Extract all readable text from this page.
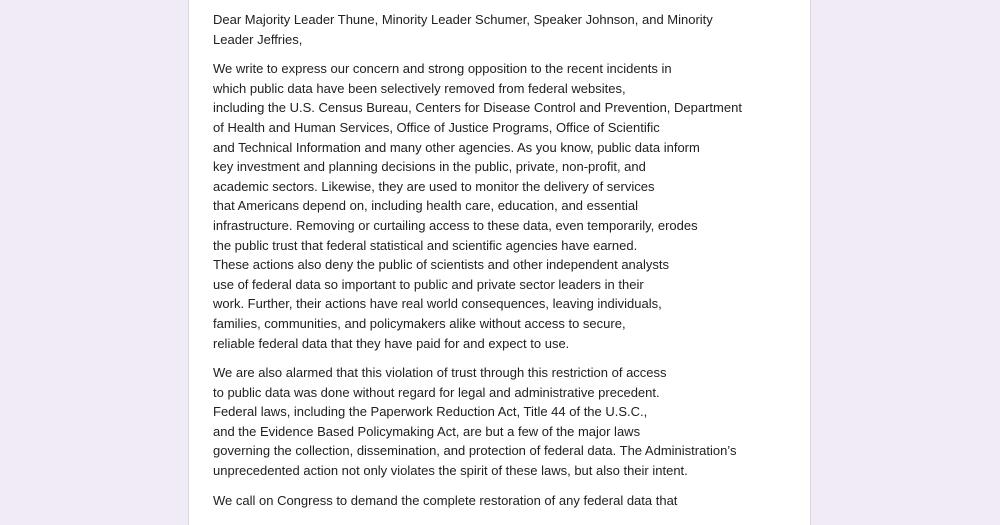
Dear Majority Leader Thune, Minority Leader Schumer, Speaker Johnson, and Minority
Leader Jeffries,

We write to express our concern and strong opposition to the recent incidents in
which public data have been selectively removed from federal websites,
including the U.S. Census Bureau, Centers for Disease Control and Prevention, Department
of Health and Human Services, Office of Justice Programs, Office of Scientific
and Technical Information and many other agencies. As you know, public data inform
key investment and planning decisions in the public, private, non-profit, and
academic sectors. Likewise, they are used to monitor the delivery of services
that Americans depend on, including health care, education, and essential
infrastructure. Removing or curtailing access to these data, even temporarily, erodes
the public trust that federal statistical and scientific agencies have earned.
These actions also deny the public of scientists and other independent analysts
use of federal data so important to public and private sector leaders in their
work. Further, their actions have real world consequences, leaving individuals,
families, communities, and policymakers alike without access to secure,
reliable federal data that they have paid for and expect to use.

We are also alarmed that this violation of trust through this restriction of access
to public data was done without regard for legal and administrative precedent.
Federal laws, including the Paperwork Reduction Act, Title 44 of the U.S.C.,
and the Evidence Based Policymaking Act, are but a few of the major laws
governing the collection, dissemination, and protection of federal data. The Administration’s
unprecedented action not only violates the spirit of these laws, but also their intent.

We call on Congress to demand the complete restoration of any federal data that
